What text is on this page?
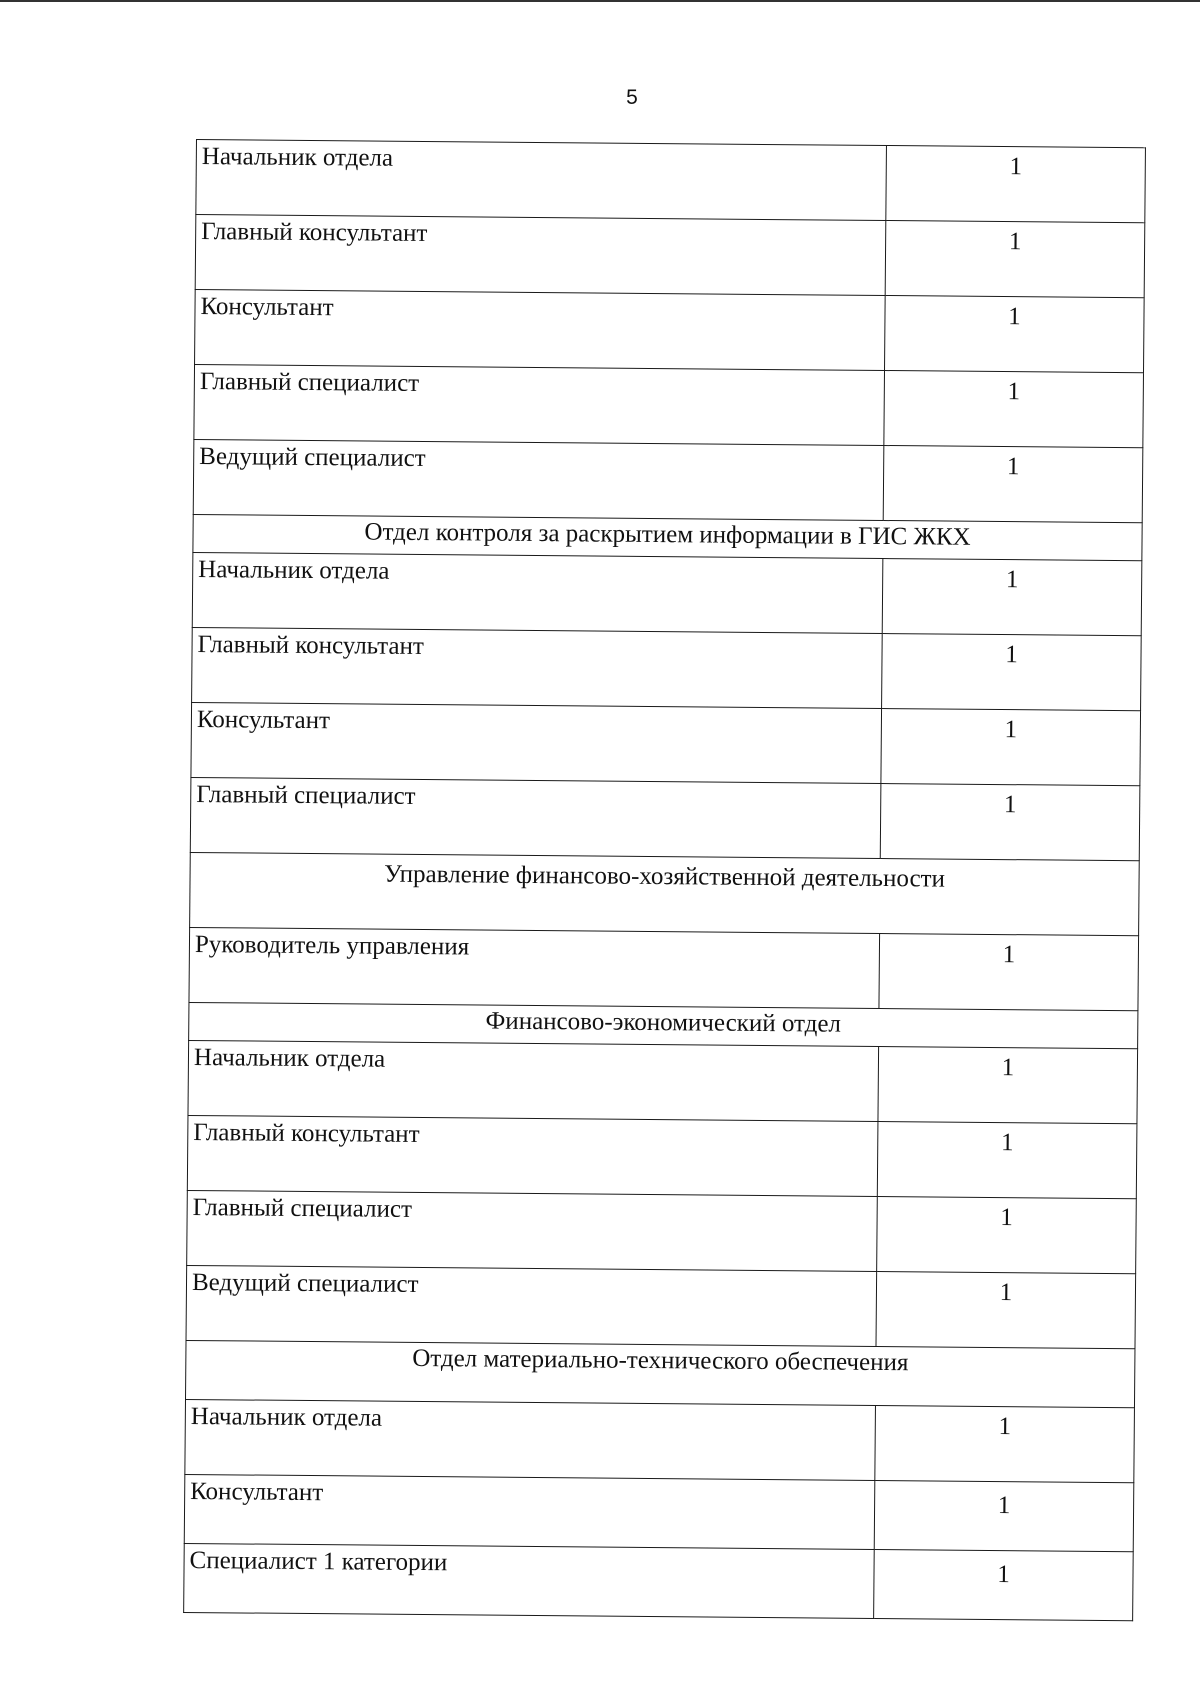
5
Начальник отдела	1
Главный консультант	1
Консультант	1
Главный специалист	1
Ведущий специалист	1
Отдел контроля за раскрытием информации в ГИС ЖКХ	
Начальник отдела	1
Главный консультант	1
Консультант	1
Главный специалист	1
Управление финансово-хозяйственной деятельности	
Руководитель управления	1
Финансово-экономический отдел	
Начальник отдела	1
Главный консультант	1
Главный специалист	1
Ведущий специалист	1
Отдел материально-технического обеспечения	
Начальник отдела	1
Консультант	1
Специалист 1 категории	1
